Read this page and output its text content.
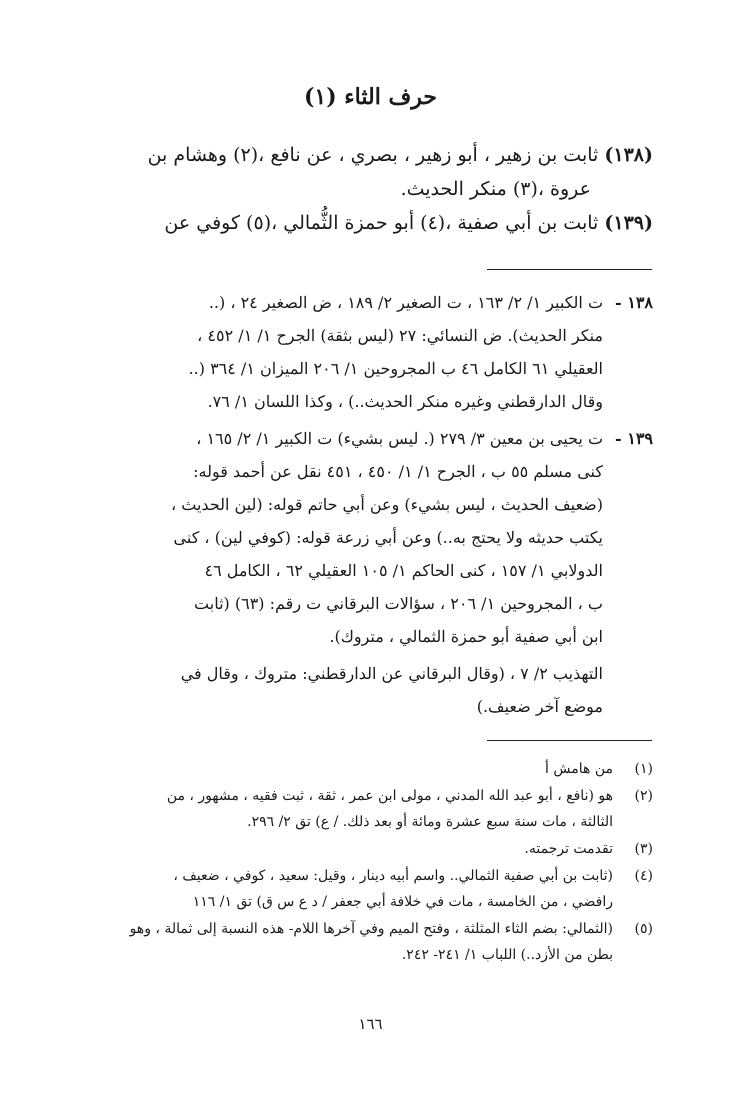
حرف الثاء (١)
(١٣٨) ثابت بن زهير ، أبو زهير ، بصري ، عن نافع ،(٢) وهشام بن
عروة ،(٣) منكر الحديث.
(١٣٩) ثابت بن أبي صفية ،(٤) أبو حمزة الثُّمالي ،(٥) كوفي عن
١٣٨ -

ت الكبير ١/ ٢/ ١٦٣ ، ت الصغير ٢/ ١٨٩ ، ض الصغير ٢٤ ، (..

منكر الحديث). ض النسائي: ٢٧ (ليس بثقة) الجرح ١/ ١/ ٤٥٢ ،

العقيلي ٦١ الكامل ٤٦ ب المجروحين ١/ ٢٠٦ الميزان ١/ ٣٦٤ (..

وقال الدارقطني وغيره منكر الحديث..) ، وكذا اللسان ١/ ٧٦.

١٣٩ -

ت يحيى بن معين ٣/ ٢٧٩ (. ليس بشيء) ت الكبير ١/ ٢/ ١٦٥ ،

كنى مسلم ٥٥ ب ، الجرح ١/ ١/ ٤٥٠ ، ٤٥١ نقل عن أحمد قوله:

(ضعيف الحديث ، ليس بشيء) وعن أبي حاتم قوله: (لين الحديث ،

يكتب حديثه ولا يحتج به..) وعن أبي زرعة قوله: (كوفي لين) ، كنى

الدولابي ١/ ١٥٧ ، كنى الحاكم ١/ ١٠٥ العقيلي ٦٢ ، الكامل ٤٦

ب ، المجروحين ١/ ٢٠٦ ، سؤالات البرقاني ت رقم: (٦٣) (ثابت

ابن أبي صفية أبو حمزة الثمالي ، متروك).

التهذيب ٢/ ٧ ، (وقال البرقاني عن الدارقطني: متروك ، وقال في

موضع آخر ضعيف.)

(١)

من هامش أ

(٢)

هو (نافع ، أبو عبد الله المدني ، مولى ابن عمر ، ثقة ، ثبت فقيه ، مشهور ، من

الثالثة ، مات سنة سبع عشرة ومائة أو بعد ذلك. / ع) تق ٢/ ٢٩٦.

(٣)

تقدمت ترجمته.

(٤)

(ثابت بن أبي صفية الثمالي.. واسم أبيه دينار ، وقيل: سعيد ، كوفي ، ضعيف ،

رافضي ، من الخامسة ، مات في خلافة أبي جعفر / د ع س ق) تق ١/ ١١٦

(٥)

(الثمالي: بضم الثاء المثلثة ، وفتح الميم وفي آخرها اللام- هذه النسبة إلى ثمالة ، وهو

بطن من الأزد..) اللباب ١/ ٢٤١- ٢٤٢.

١٦٦
